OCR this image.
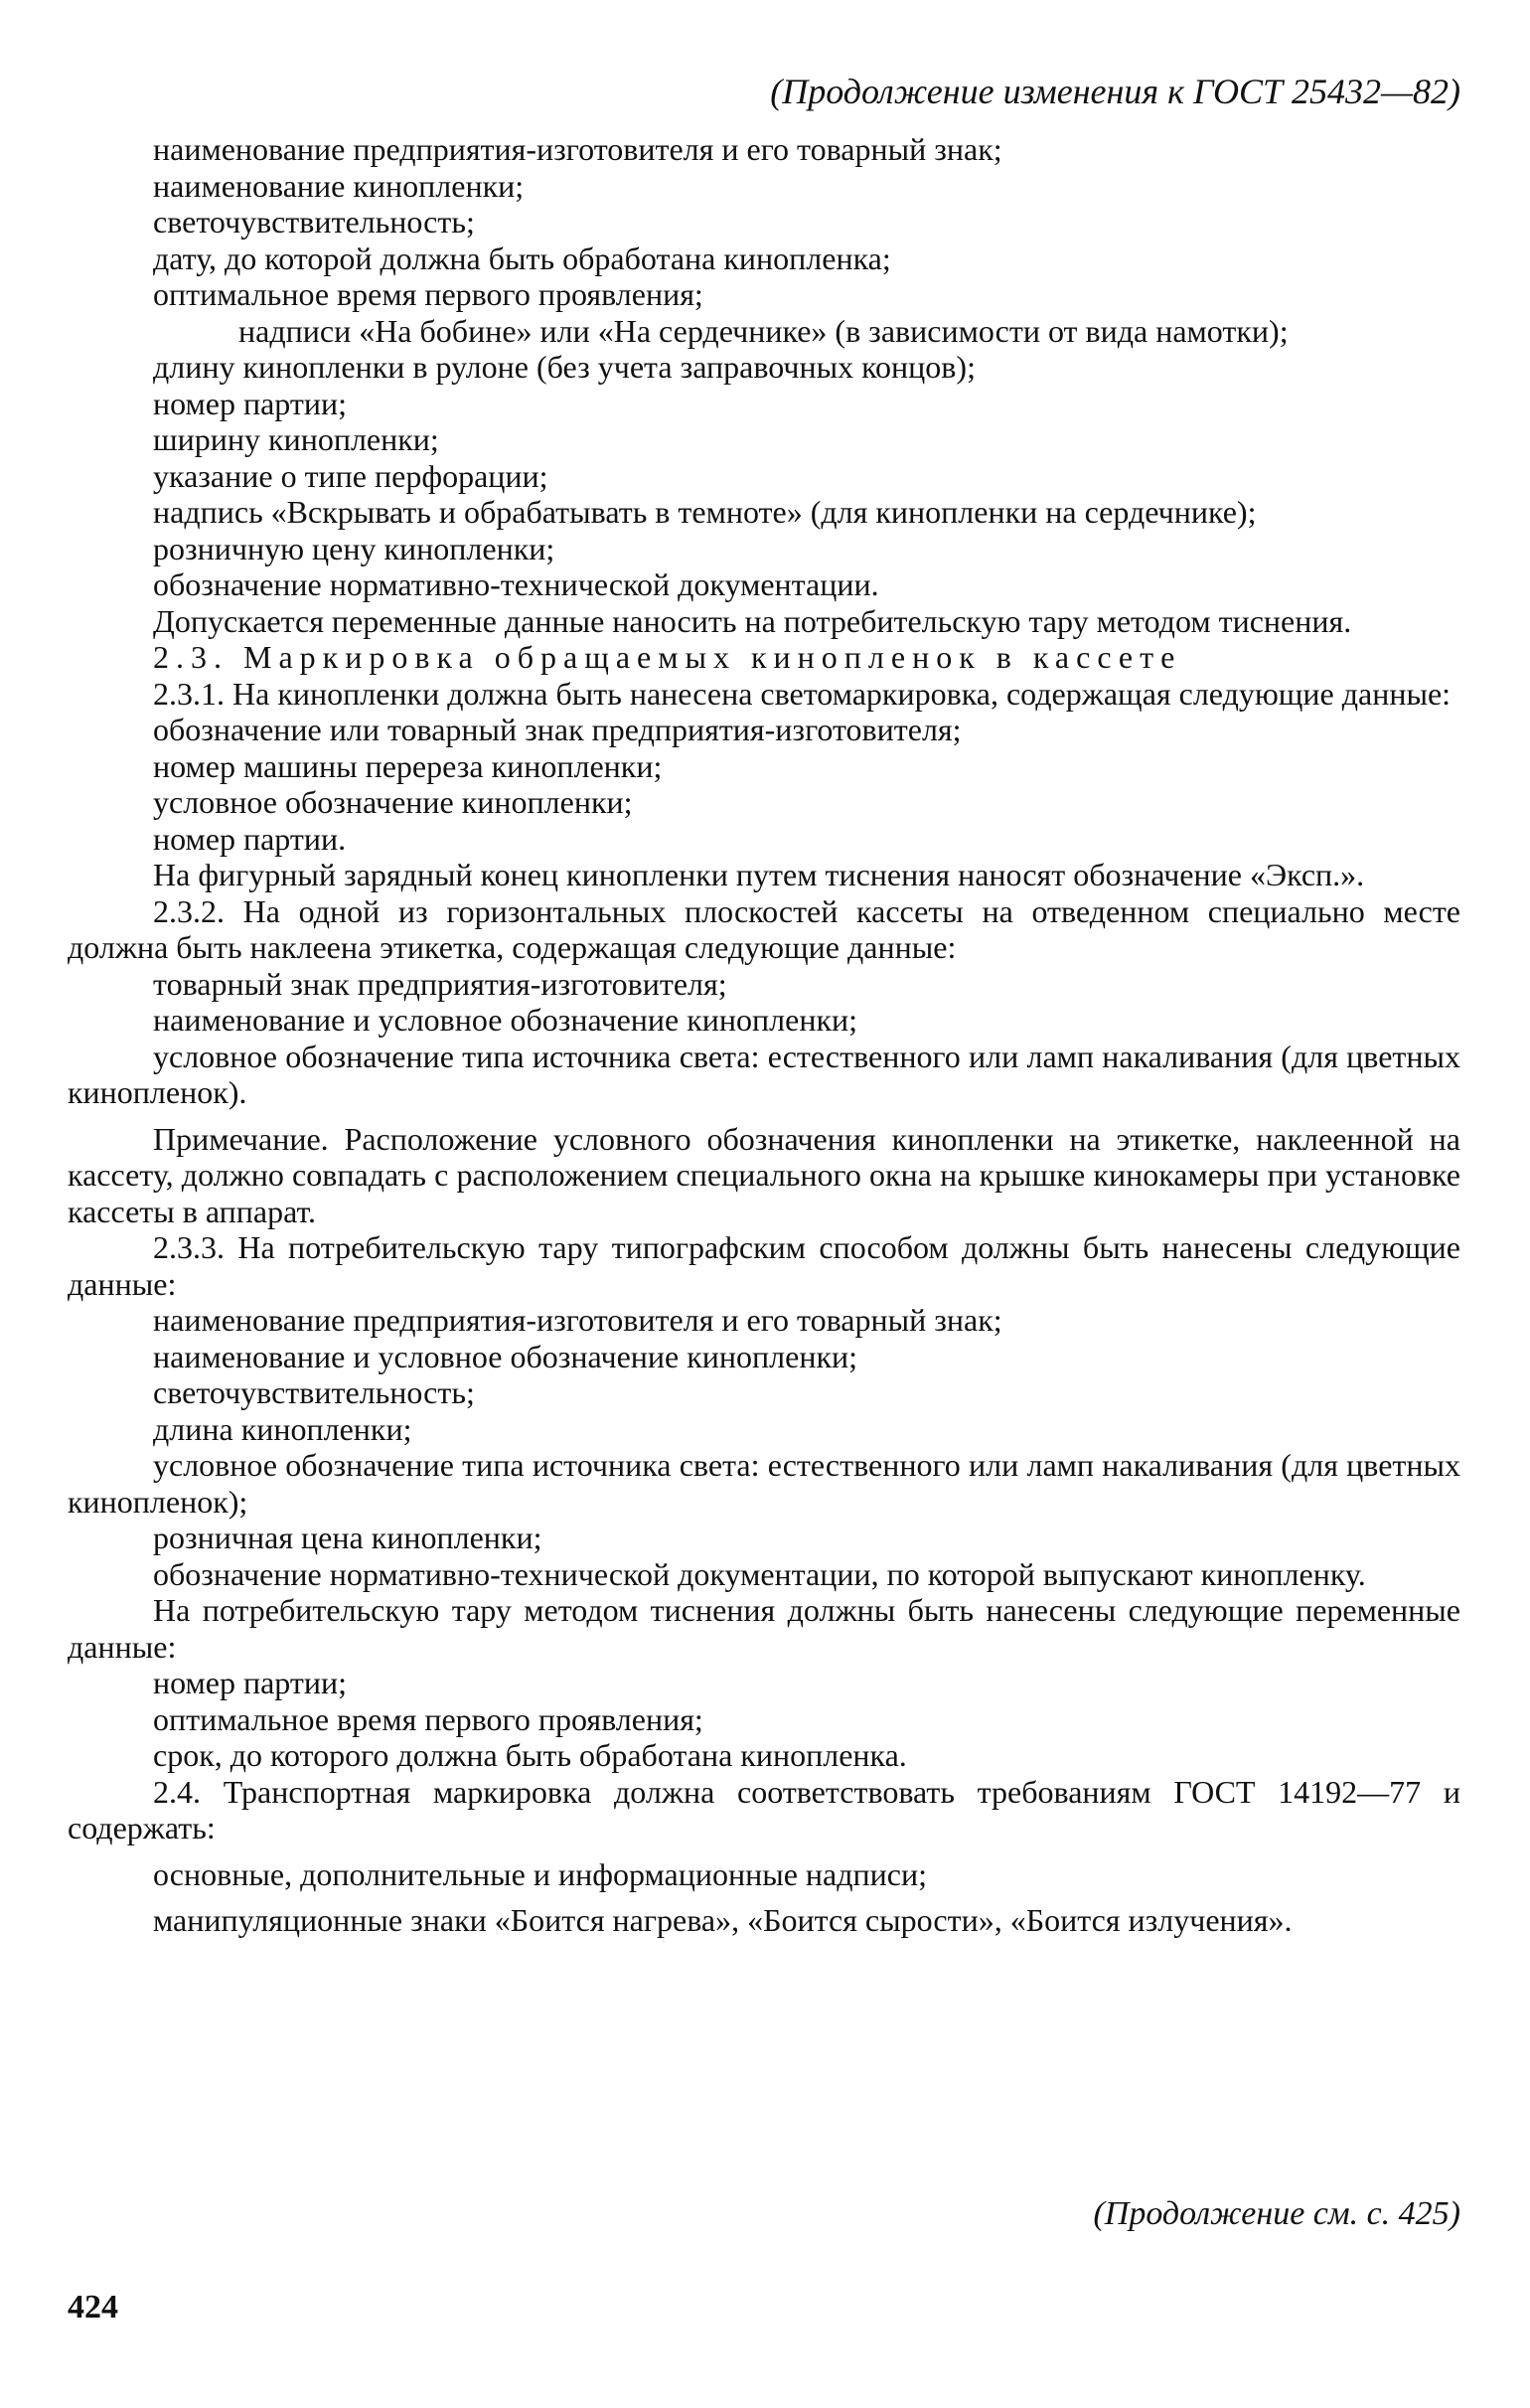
(Продолжение изменения к ГОСТ 25432—82)
наименование предприятия-изготовителя и его товарный знак;
наименование кинопленки;
светочувствительность;
дату, до которой должна быть обработана кинопленка;
оптимальное время первого проявления;
надписи «На бобине» или «На сердечнике» (в зависимости от вида намотки);
длину кинопленки в рулоне (без учета заправочных концов);
номер партии;
ширину кинопленки;
указание о типе перфорации;
надпись «Вскрывать и обрабатывать в темноте» (для кинопленки на сердечнике);
розничную цену кинопленки;
обозначение нормативно-технической документации.
Допускается переменные данные наносить на потребительскую тару методом тиснения.
2.3. Маркировка обращаемых кинопленок в кассете
2.3.1. На кинопленки должна быть нанесена светомаркировка, содержащая следующие данные:
обозначение или товарный знак предприятия-изготовителя;
номер машины перереза кинопленки;
условное обозначение кинопленки;
номер партии.
На фигурный зарядный конец кинопленки путем тиснения наносят обозначение «Эксп.».
2.3.2. На одной из горизонтальных плоскостей кассеты на отведенном специально месте должна быть наклеена этикетка, содержащая следующие данные:
товарный знак предприятия-изготовителя;
наименование и условное обозначение кинопленки;
условное обозначение типа источника света: естественного или ламп накаливания (для цветных кинопленок).
Примечание. Расположение условного обозначения кинопленки на этикетке, наклеенной на кассету, должно совпадать с расположением специального окна на крышке кинокамеры при установке кассеты в аппарат.
2.3.3. На потребительскую тару типографским способом должны быть нанесены следующие данные:
наименование предприятия-изготовителя и его товарный знак;
наименование и условное обозначение кинопленки;
светочувствительность;
длина кинопленки;
условное обозначение типа источника света: естественного или ламп накаливания (для цветных кинопленок);
розничная цена кинопленки;
обозначение нормативно-технической документации, по которой выпускают кинопленку.
На потребительскую тару методом тиснения должны быть нанесены следующие переменные данные:
номер партии;
оптимальное время первого проявления;
срок, до которого должна быть обработана кинопленка.
2.4. Транспортная маркировка должна соответствовать требованиям ГОСТ 14192—77 и содержать:
основные, дополнительные и информационные надписи;
манипуляционные знаки «Боится нагрева», «Боится сырости», «Боится излучения».
(Продолжение см. с. 425)
424
